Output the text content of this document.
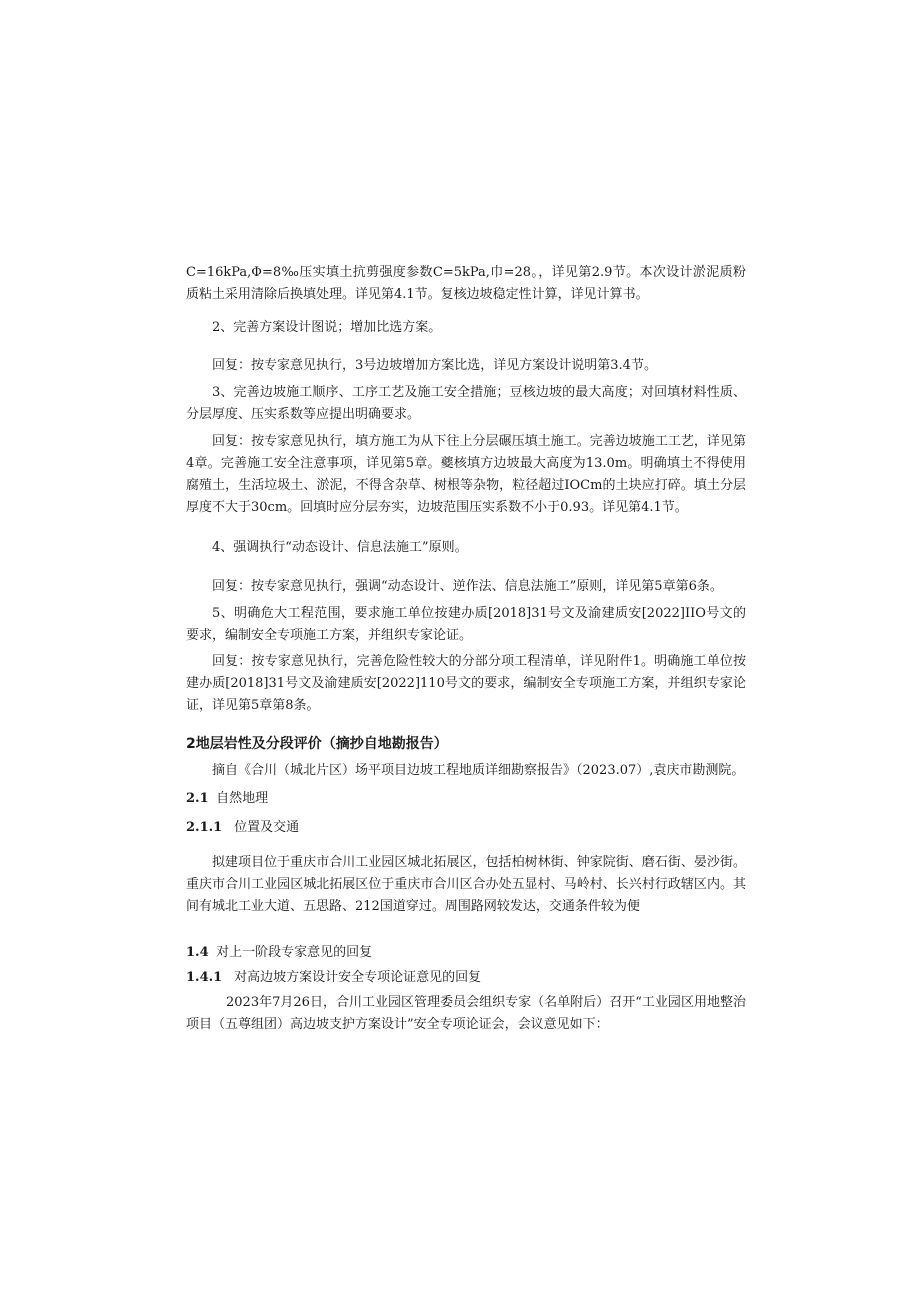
C=16kPa,Φ=8‰压实填土抗剪强度参数C=5kPa,巾=28。，详见第2.9节。本次设计淤泥质粉质粘土采用清除后换填处理。详见第4.1节。复核边坡稳定性计算，详见计算书。

2、完善方案设计图说；增加比选方案。

回复：按专家意见执行，3号边坡增加方案比选，详见方案设计说明第3.4节。

3、完善边坡施工顺序、工序工艺及施工安全措施；豆核边坡的最大高度；对回填材料性质、分层厚度、压实系数等应提出明确要求。

回复：按专家意见执行，填方施工为从下往上分层碾压填土施工。完善边坡施工工艺，详见第4章。完善施工安全注意事项，详见第5章。夔核填方边坡最大高度为13.0m。明确填土不得使用腐殖土，生活垃圾土、淤泥，不得含杂草、树根等杂物，粒径超过IOCm的土块应打碎。填土分层厚度不大于30cm。回填时应分层夯实，边坡范围压实系数不小于0.93。详见第4.1节。

4、强调执行“动态设计、信息法施工”原则。

回复：按专家意见执行，强调“动态设计、逆作法、信息法施工”原则，详见第5章第6条。

5、明确危大工程范围，要求施工单位按建办质[2018]31号文及渝建质安[2022]IIO号文的要求，编制安全专项施工方案，并组织专家论证。

回复：按专家意见执行，完善危险性较大的分部分项工程清单，详见附件1。明确施工单位按建办质[2018]31号文及渝建质安[2022]110号文的要求，编制安全专项施工方案，并组织专家论证，详见第5章第8条。

2地层岩性及分段评价（摘抄自地勘报告）

摘自《合川（城北片区）场平项目边坡工程地质详细勘察报告》（2023.07）,袁庆市勘测院。

2.1 自然地理
2.1.1 位置及交通

拟建项目位于重庆市合川工业园区城北拓展区，包括柏树林街、钟家院街、磨石街、晏沙街。重庆市合川工业园区城北拓展区位于重庆市合川区合办处五显村、马岭村、长兴村行政辖区内。其间有城北工业大道、五思路、212国道穿过。周围路网较发达，交通条件较为便

1.4 对上一阶段专家意见的回复
1.4.1 对高边坡方案设计安全专项论证意见的回复

2023年7月26日，合川工业园区管理委员会组织专家（名单附后）召开“工业园区用地整治项目（五尊组团）高边坡支护方案设计”安全专项论证会，会议意见如下：
